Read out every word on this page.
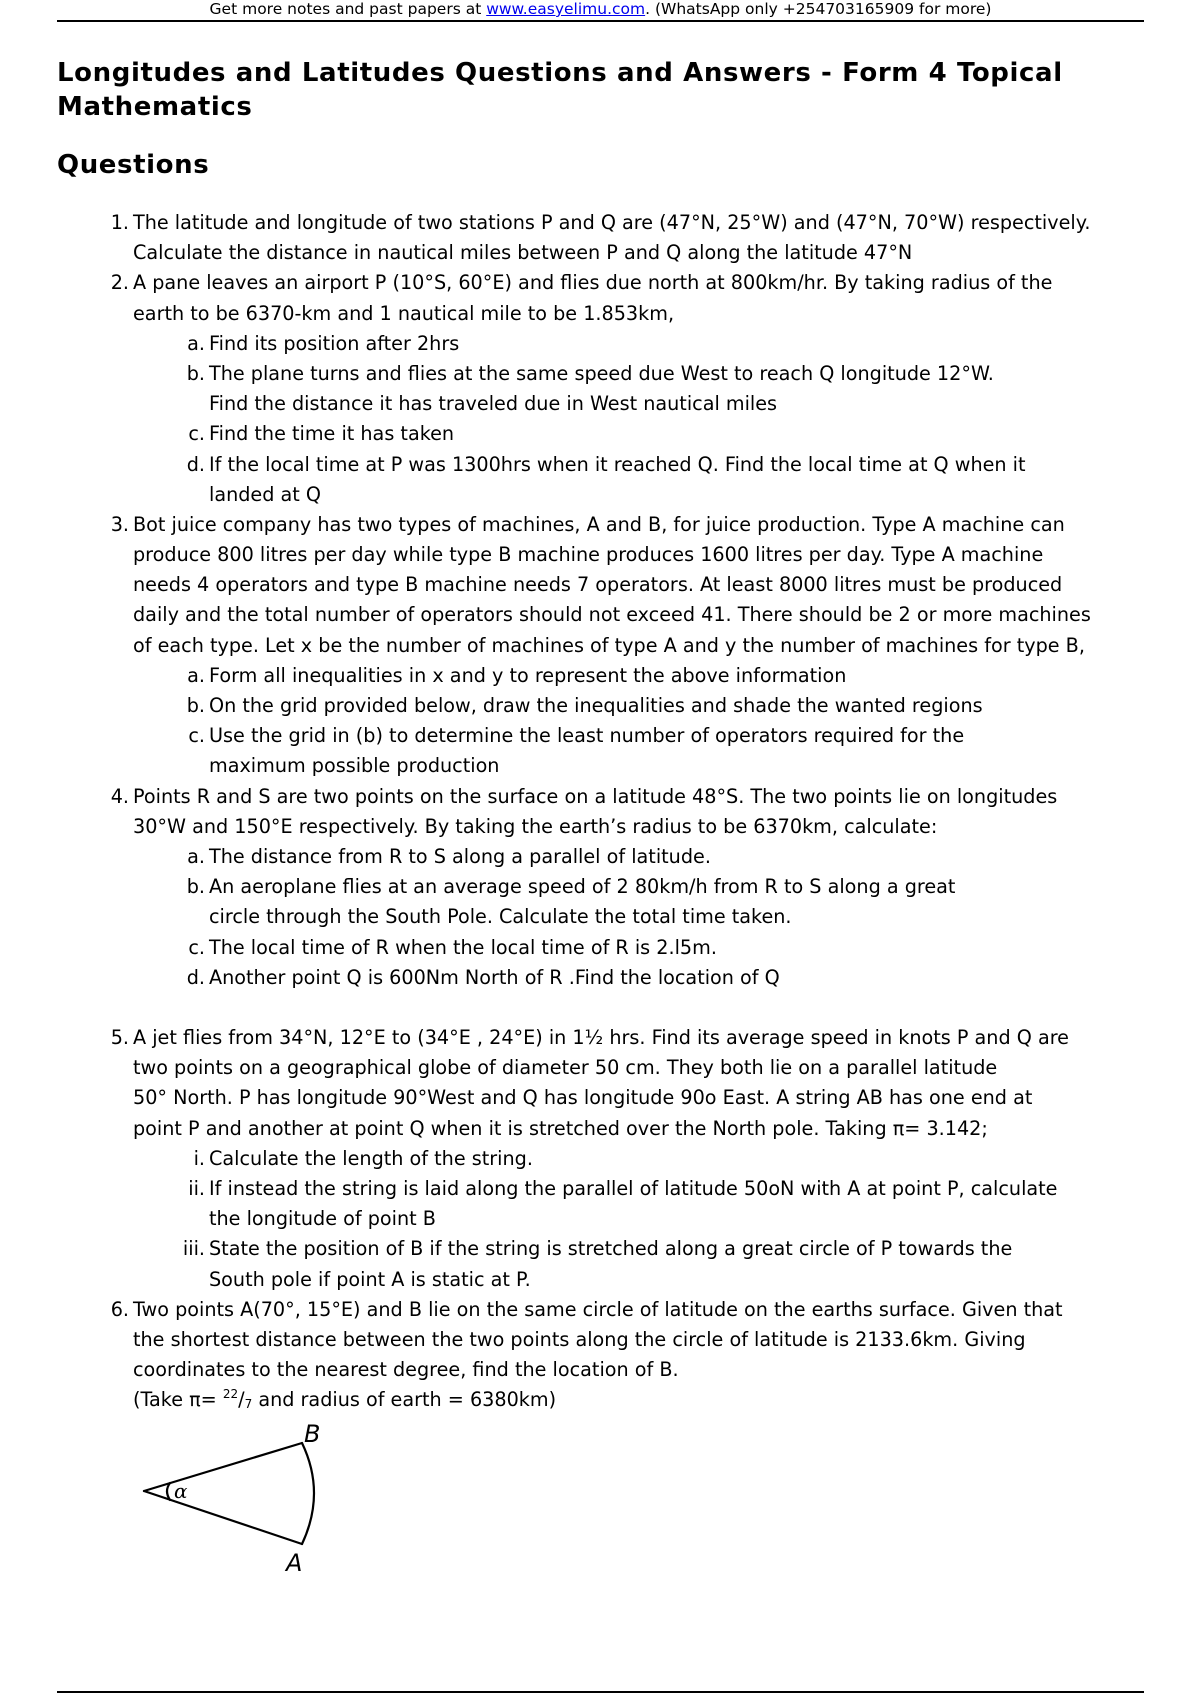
Get more notes and past papers at www.easyelimu.com. (WhatsApp only +254703165909 for more)
Longitudes and Latitudes Questions and Answers - Form 4 Topical
Mathematics
Questions
1. The latitude and longitude of two stations P and Q are (47°N, 25°W) and (47°N, 70°W) respectively.
Calculate the distance in nautical miles between P and Q along the latitude 47°N
2. A pane leaves an airport P (10°S, 60°E) and flies due north at 800km/hr. By taking radius of the
earth to be 6370-km and 1 nautical mile to be 1.853km,
a. Find its position after 2hrs
b. The plane turns and flies at the same speed due West to reach Q longitude 12°W.
Find the distance it has traveled due in West nautical miles
c. Find the time it has taken
d. If the local time at P was 1300hrs when it reached Q. Find the local time at Q when it
landed at Q
3. Bot juice company has two types of machines, A and B, for juice production. Type A machine can
produce 800 litres per day while type B machine produces 1600 litres per day. Type A machine
needs 4 operators and type B machine needs 7 operators. At least 8000 litres must be produced
daily and the total number of operators should not exceed 41. There should be 2 or more machines
of each type. Let x be the number of machines of type A and y the number of machines for type B,
a. Form all inequalities in x and y to represent the above information
b. On the grid provided below, draw the inequalities and shade the wanted regions
c. Use the grid in (b) to determine the least number of operators required for the
maximum possible production
4. Points R and S are two points on the surface on a latitude 48°S. The two points lie on longitudes
30°W and 150°E respectively. By taking the earth’s radius to be 6370km, calculate:
a. The distance from R to S along a parallel of latitude.
b. An aeroplane flies at an average speed of 2 80km/h from R to S along a great
circle through the South Pole. Calculate the total time taken.
c. The local time of R when the local time of R is 2.l5m.
d. Another point Q is 600Nm North of R .Find the location of Q
5. A jet flies from 34°N, 12°E to (34°E , 24°E) in 1½ hrs. Find its average speed in knots P and Q are
two points on a geographical globe of diameter 50 cm. They both lie on a parallel latitude
50° North. P has longitude 90°West and Q has longitude 90o East. A string AB has one end at
point P and another at point Q when it is stretched over the North pole. Taking π= 3.142;
i. Calculate the length of the string.
ii. If instead the string is laid along the parallel of latitude 50oN with A at point P, calculate
the longitude of point B
iii. State the position of B if the string is stretched along a great circle of P towards the
South pole if point A is static at P.
6. Two points A(70°, 15°E) and B lie on the same circle of latitude on the earths surface. Given that
the shortest distance between the two points along the circle of latitude is 2133.6km. Giving
coordinates to the nearest degree, find the location of B.
(Take $\pi= ^{22}/_7$ and radius of earth = 6380km)
B
A
α
